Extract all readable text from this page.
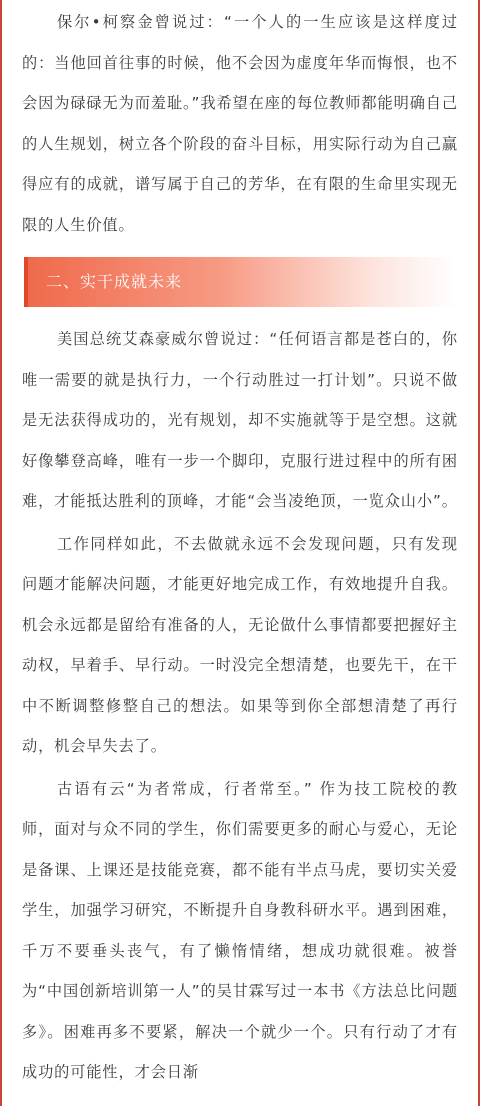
保尔•柯察金曾说过：“一个人的一生应该是这样度过的：当他回首往事的时候，他不会因为虚度年华而悔恨，也不会因为碌碌无为而羞耻。”我希望在座的每位教师都能明确自己的人生规划，树立各个阶段的奋斗目标，用实际行动为自己赢得应有的成就，谱写属于自己的芳华，在有限的生命里实现无限的人生价值。

二、实干成就未来

美国总统艾森豪威尔曾说过：“任何语言都是苍白的，你唯一需要的就是执行力，一个行动胜过一打计划”。只说不做是无法获得成功的，光有规划，却不实施就等于是空想。这就好像攀登高峰，唯有一步一个脚印，克服行进过程中的所有困难，才能抵达胜利的顶峰，才能“会当凌绝顶，一览众山小”。

工作同样如此，不去做就永远不会发现问题，只有发现问题才能解决问题，才能更好地完成工作，有效地提升自我。机会永远都是留给有准备的人，无论做什么事情都要把握好主动权，早着手、早行动。一时没完全想清楚，也要先干，在干中不断调整修整自己的想法。如果等到你全部想清楚了再行动，机会早失去了。

古语有云“为者常成，行者常至。” 作为技工院校的教师，面对与众不同的学生，你们需要更多的耐心与爱心，无论是备课、上课还是技能竞赛，都不能有半点马虎，要切实关爱学生，加强学习研究，不断提升自身教科研水平。遇到困难，千万不要垂头丧气，有了懒惰情绪，想成功就很难。被誉为“中国创新培训第一人”的吴甘霖写过一本书《方法总比问题多》。困难再多不要紧，解决一个就少一个。只有行动了才有成功的可能性，才会日渐
